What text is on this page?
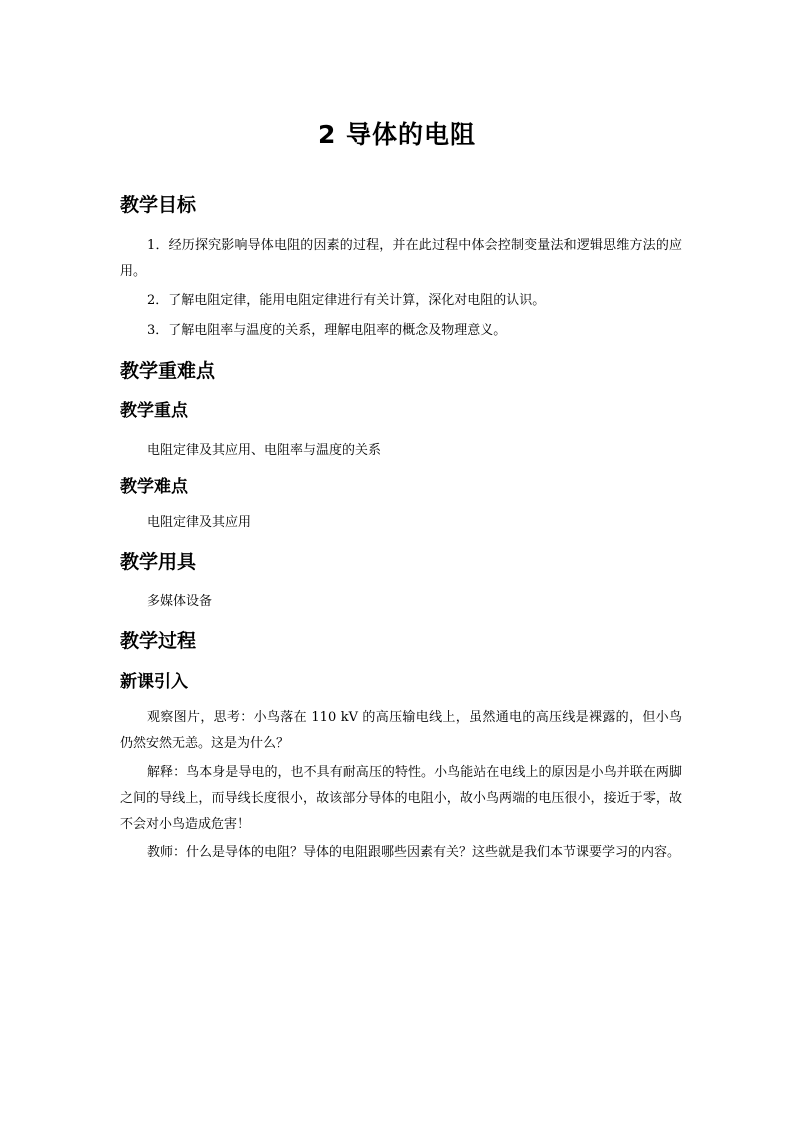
2 导体的电阻
教学目标
1．经历探究影响导体电阻的因素的过程，并在此过程中体会控制变量法和逻辑思维方法的应用。
2．了解电阻定律，能用电阻定律进行有关计算，深化对电阻的认识。
3．了解电阻率与温度的关系，理解电阻率的概念及物理意义。
教学重难点
教学重点
电阻定律及其应用、电阻率与温度的关系
教学难点
电阻定律及其应用
教学用具
多媒体设备
教学过程
新课引入
观察图片，思考：小鸟落在 110 kV 的高压输电线上，虽然通电的高压线是裸露的，但小鸟仍然安然无恙。这是为什么？
解释：鸟本身是导电的，也不具有耐高压的特性。小鸟能站在电线上的原因是小鸟并联在两脚之间的导线上，而导线长度很小，故该部分导体的电阻小，故小鸟两端的电压很小，接近于零，故不会对小鸟造成危害！
教师：什么是导体的电阻？导体的电阻跟哪些因素有关？这些就是我们本节课要学习的内容。
